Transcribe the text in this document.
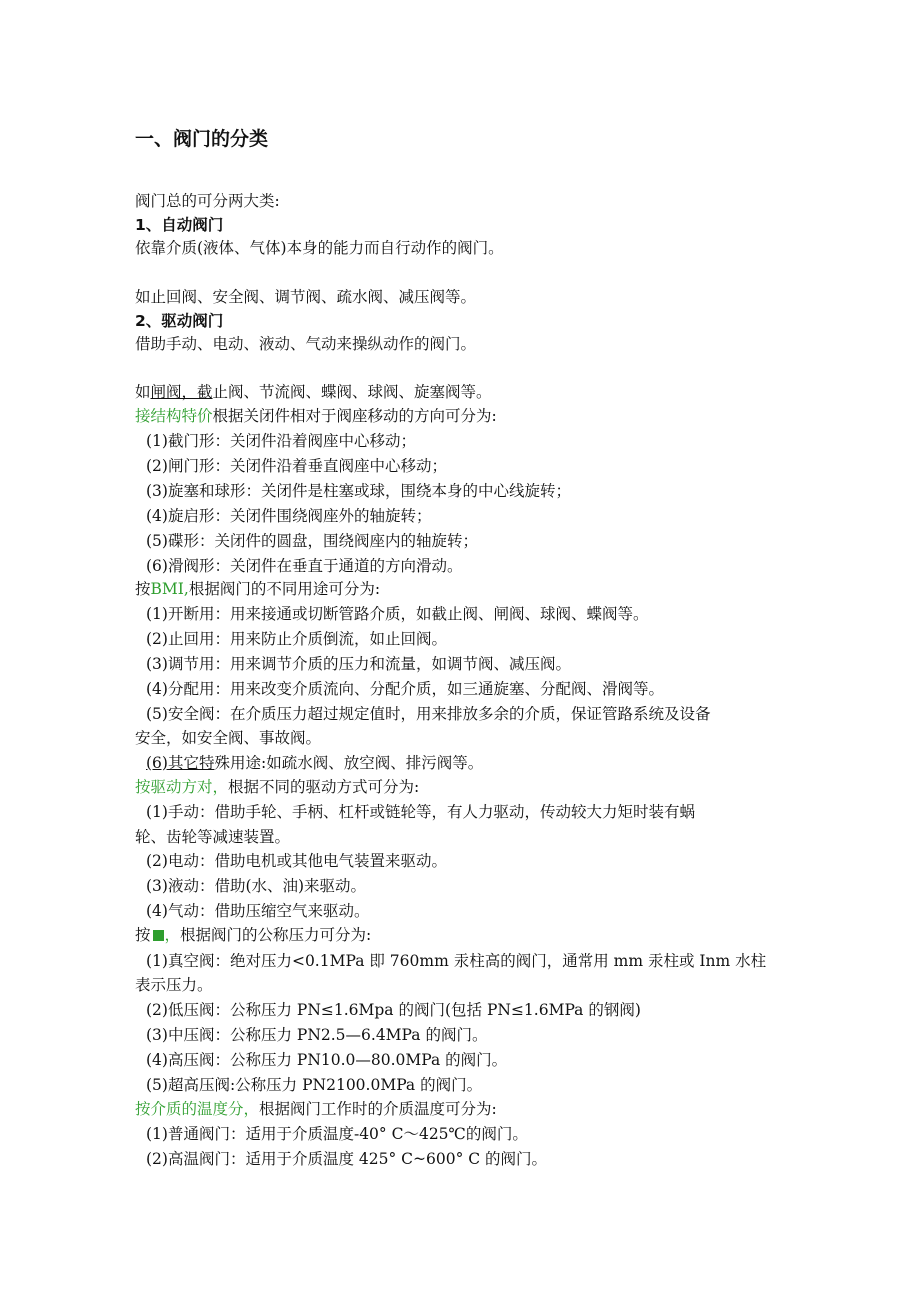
一、阀门的分类
阀门总的可分两大类:
1、自动阀门
依靠介质(液体、气体)本身的能力而自行动作的阀门。
如止回阀、安全阀、调节阀、疏水阀、减压阀等。
2、驱动阀门
借助手动、电动、液动、气动来操纵动作的阀门。
如闸阀，截止阀、节流阀、蝶阀、球阀、旋塞阀等。
接结构特价根据关闭件相对于阀座移动的方向可分为:
(1)截门形：关闭件沿着阀座中心移动；
(2)闸门形：关闭件沿着垂直阀座中心移动；
(3)旋塞和球形：关闭件是柱塞或球，围绕本身的中心线旋转；
(4)旋启形：关闭件围绕阀座外的轴旋转；
(5)碟形：关闭件的圆盘，围绕阀座内的轴旋转；
(6)滑阀形：关闭件在垂直于通道的方向滑动。
按BMI,根据阀门的不同用途可分为:
(1)开断用：用来接通或切断管路介质，如截止阀、闸阀、球阀、蝶阀等。
(2)止回用：用来防止介质倒流，如止回阀。
(3)调节用：用来调节介质的压力和流量，如调节阀、减压阀。
(4)分配用：用来改变介质流向、分配介质，如三通旋塞、分配阀、滑阀等。
(5)安全阀：在介质压力超过规定值时，用来排放多余的介质，保证管路系统及设备
安全，如安全阀、事故阀。
(6)其它特殊用途:如疏水阀、放空阀、排污阀等。
按驱动方对，根据不同的驱动方式可分为:
(1)手动：借助手轮、手柄、杠杆或链轮等，有人力驱动，传动较大力矩时装有蜗
轮、齿轮等减速装置。
(2)电动：借助电机或其他电气装置来驱动。
(3)液动：借助(水、油)来驱动。
(4)气动：借助压缩空气来驱动。
按 ，根据阀门的公称压力可分为:
(1)真空阀：绝对压力<0.1MPa 即 760mm 汞柱高的阀门，通常用 mm 汞柱或 Inm 水柱
表示压力。
(2)低压阀：公称压力 PN≤1.6Mpa 的阀门(包括 PN≤1.6MPa 的钢阀)
(3)中压阀：公称压力 PN2.5—6.4MPa 的阀门。
(4)高压阀：公称压力 PN10.0—80.0MPa 的阀门。
(5)超高压阀:公称压力 PN2100.0MPa 的阀门。
按介质的温度分，根据阀门工作时的介质温度可分为:
(1)普通阀门：适用于介质温度-40° C～425℃的阀门。
(2)高温阀门：适用于介质温度 425° C~600° C 的阀门。
